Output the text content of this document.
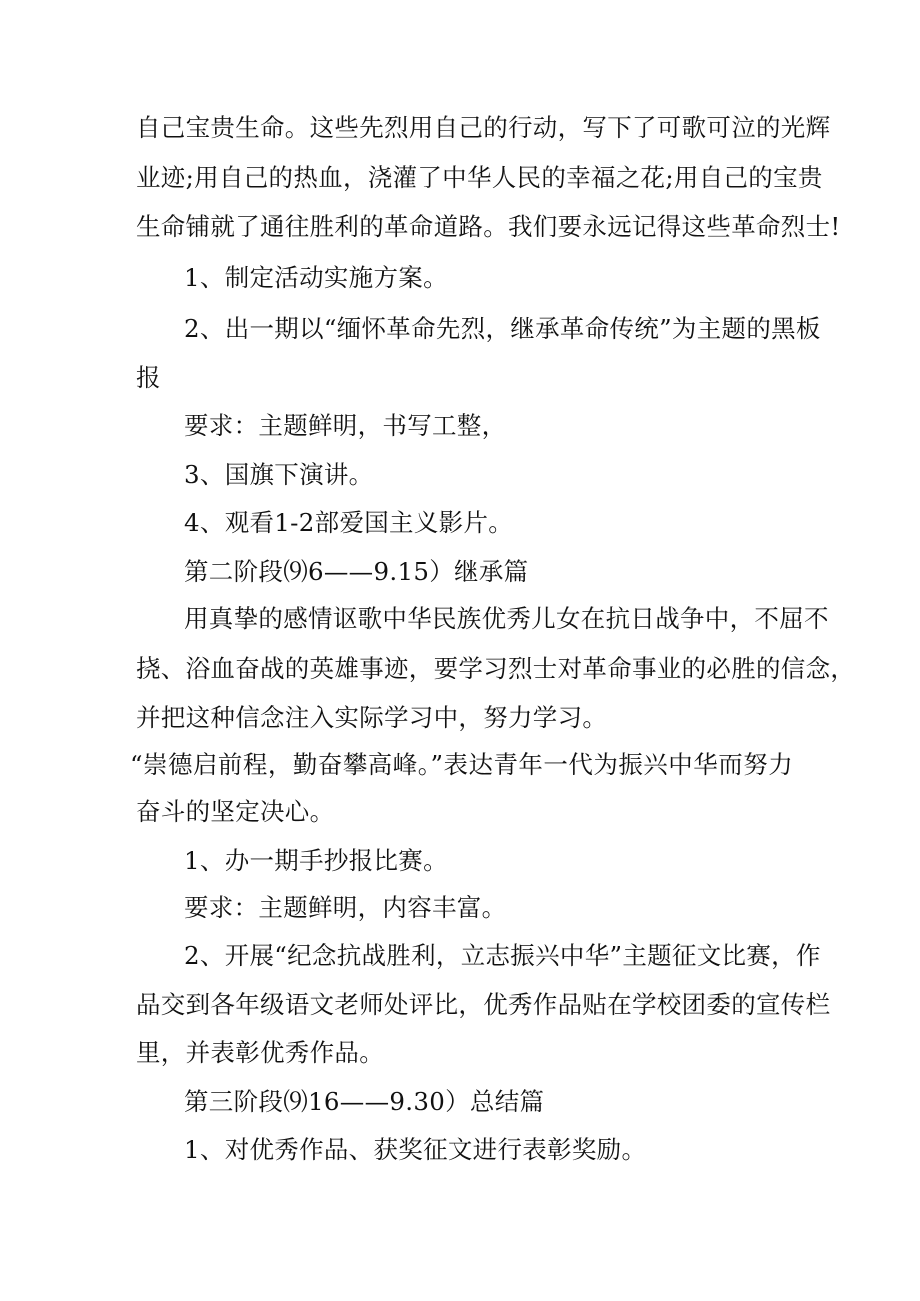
自己宝贵生命。这些先烈用自己的行动，写下了可歌可泣的光辉
业迹;用自己的热血，浇灌了中华人民的幸福之花;用自己的宝贵
生命铺就了通往胜利的革命道路。我们要永远记得这些革命烈士!
1、制定活动实施方案。
2、出一期以“缅怀革命先烈，继承革命传统”为主题的黑板
报
要求：主题鲜明，书写工整，
3、国旗下演讲。
4、观看1-2部爱国主义影片。
第二阶段⑼6——9.15）继承篇
用真挚的感情讴歌中华民族优秀儿女在抗日战争中，不屈不
挠、浴血奋战的英雄事迹，要学习烈士对革命事业的必胜的信念，
并把这种信念注入实际学习中，努力学习。
“崇德启前程，勤奋攀高峰。”表达青年一代为振兴中华而努力
奋斗的坚定决心。
1、办一期手抄报比赛。
要求：主题鲜明，内容丰富。
2、开展“纪念抗战胜利，立志振兴中华”主题征文比赛，作
品交到各年级语文老师处评比，优秀作品贴在学校团委的宣传栏
里，并表彰优秀作品。
第三阶段⑼16——9.30）总结篇
1、对优秀作品、获奖征文进行表彰奖励。
